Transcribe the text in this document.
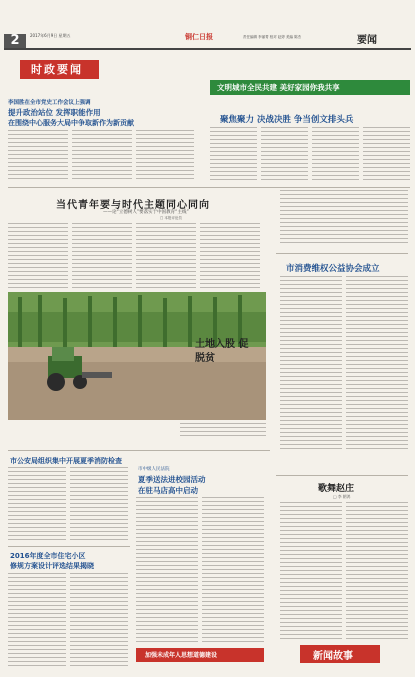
2	2017年6月9日 星期五	铜仁日报	责任编辑 李丽菁 校对 赵婷 美编 陈杰	要闻
时政要闻
李国胜在全市党史工作会议上强调
提升政治站位 发挥职能作用
在围绕中心服务大局中争取新作为新贡献
文明城市全民共建 美好家园你我共享
聚焦聚力 决战决胜 争当创文排头兵
当代青年要与时代主题同心同向
——论“立德树人”要落实于中国教育“主线”
□ 本报评论员
土地入股 促脱贫
市消费维权公益协会成立
市公安局组织集中开展夏季消防检查
2016年度全市住宅小区
修规方案设计评选结果揭晓
市中级人民法院
夏季送法进校园活动
在驻马店高中启动
加强未成年人思想道德建设
歌舞赵庄
□ 李 朝鸿
新闻故事
